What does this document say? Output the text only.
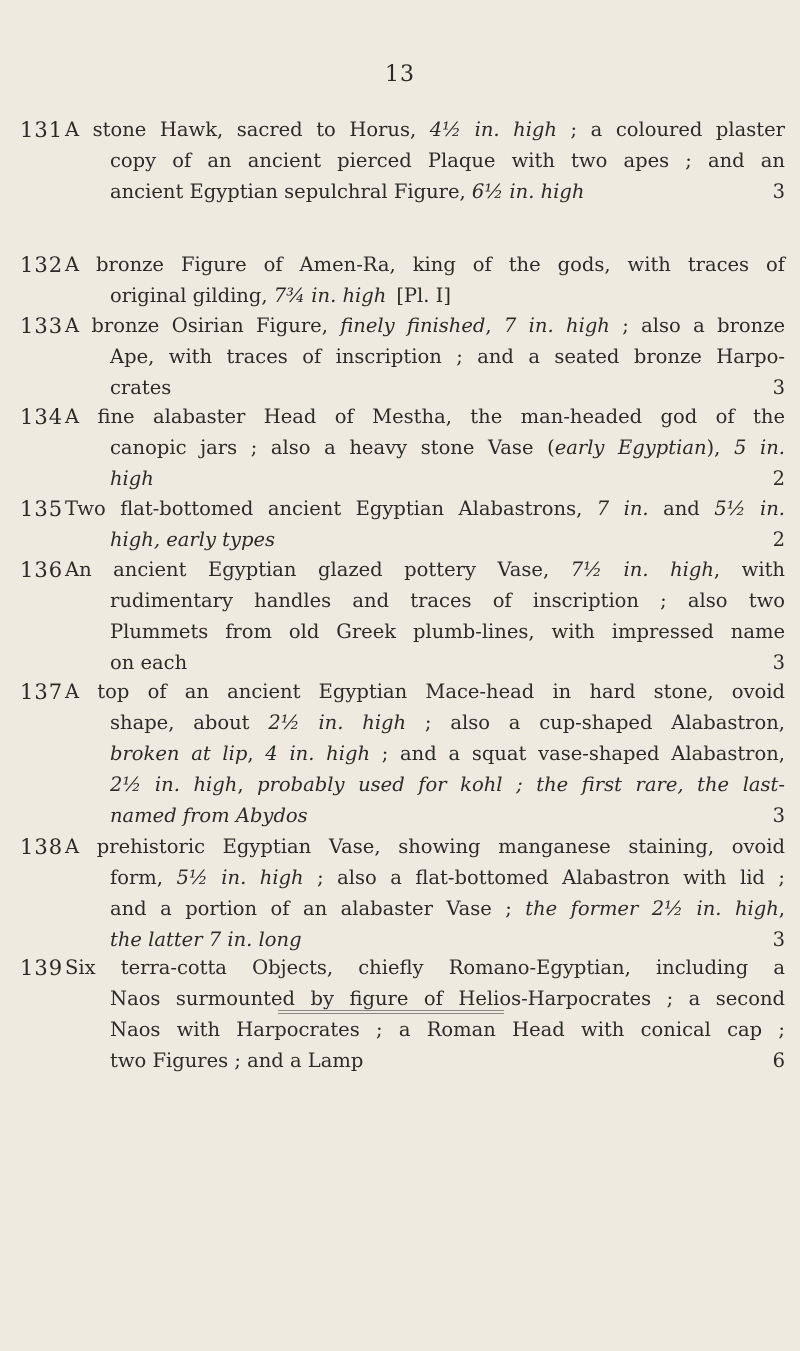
13
131 A stone Hawk, sacred to Horus, 4½ in. high ; a coloured plaster
copy of an ancient pierced Plaque with two apes ; and an
ancient Egyptian sepulchral Figure, 6½ in. high	3
132 A bronze Figure of Amen-Ra, king of the gods, with traces of
original gilding, 7¾ in. high [Pl. I]
133 A bronze Osirian Figure, finely finished, 7 in. high ; also a bronze
Ape, with traces of inscription ; and a seated bronze Harpo-
crates	3
134 A fine alabaster Head of Mestha, the man-headed god of the
canopic jars ; also a heavy stone Vase (early Egyptian), 5 in.
high	2
135 Two flat-bottomed ancient Egyptian Alabastrons, 7 in. and 5½ in.
high, early types	2
136 An ancient Egyptian glazed pottery Vase, 7½ in. high, with
rudimentary handles and traces of inscription ; also two
Plummets from old Greek plumb-lines, with impressed name
on each	3
137 A top of an ancient Egyptian Mace-head in hard stone, ovoid
shape, about 2½ in. high ; also a cup-shaped Alabastron,
broken at lip, 4 in. high ; and a squat vase-shaped Alabastron,
2½ in. high, probably used for kohl ; the first rare, the last-
named from Abydos	3
138 A prehistoric Egyptian Vase, showing manganese staining, ovoid
form, 5½ in. high ; also a flat-bottomed Alabastron with lid ;
and a portion of an alabaster Vase ; the former 2½ in. high,
the latter 7 in. long	3
139 Six terra-cotta Objects, chiefly Romano-Egyptian, including a
Naos surmounted by figure of Helios-Harpocrates ; a second
Naos with Harpocrates ; a Roman Head with conical cap ;
two Figures ; and a Lamp	6
